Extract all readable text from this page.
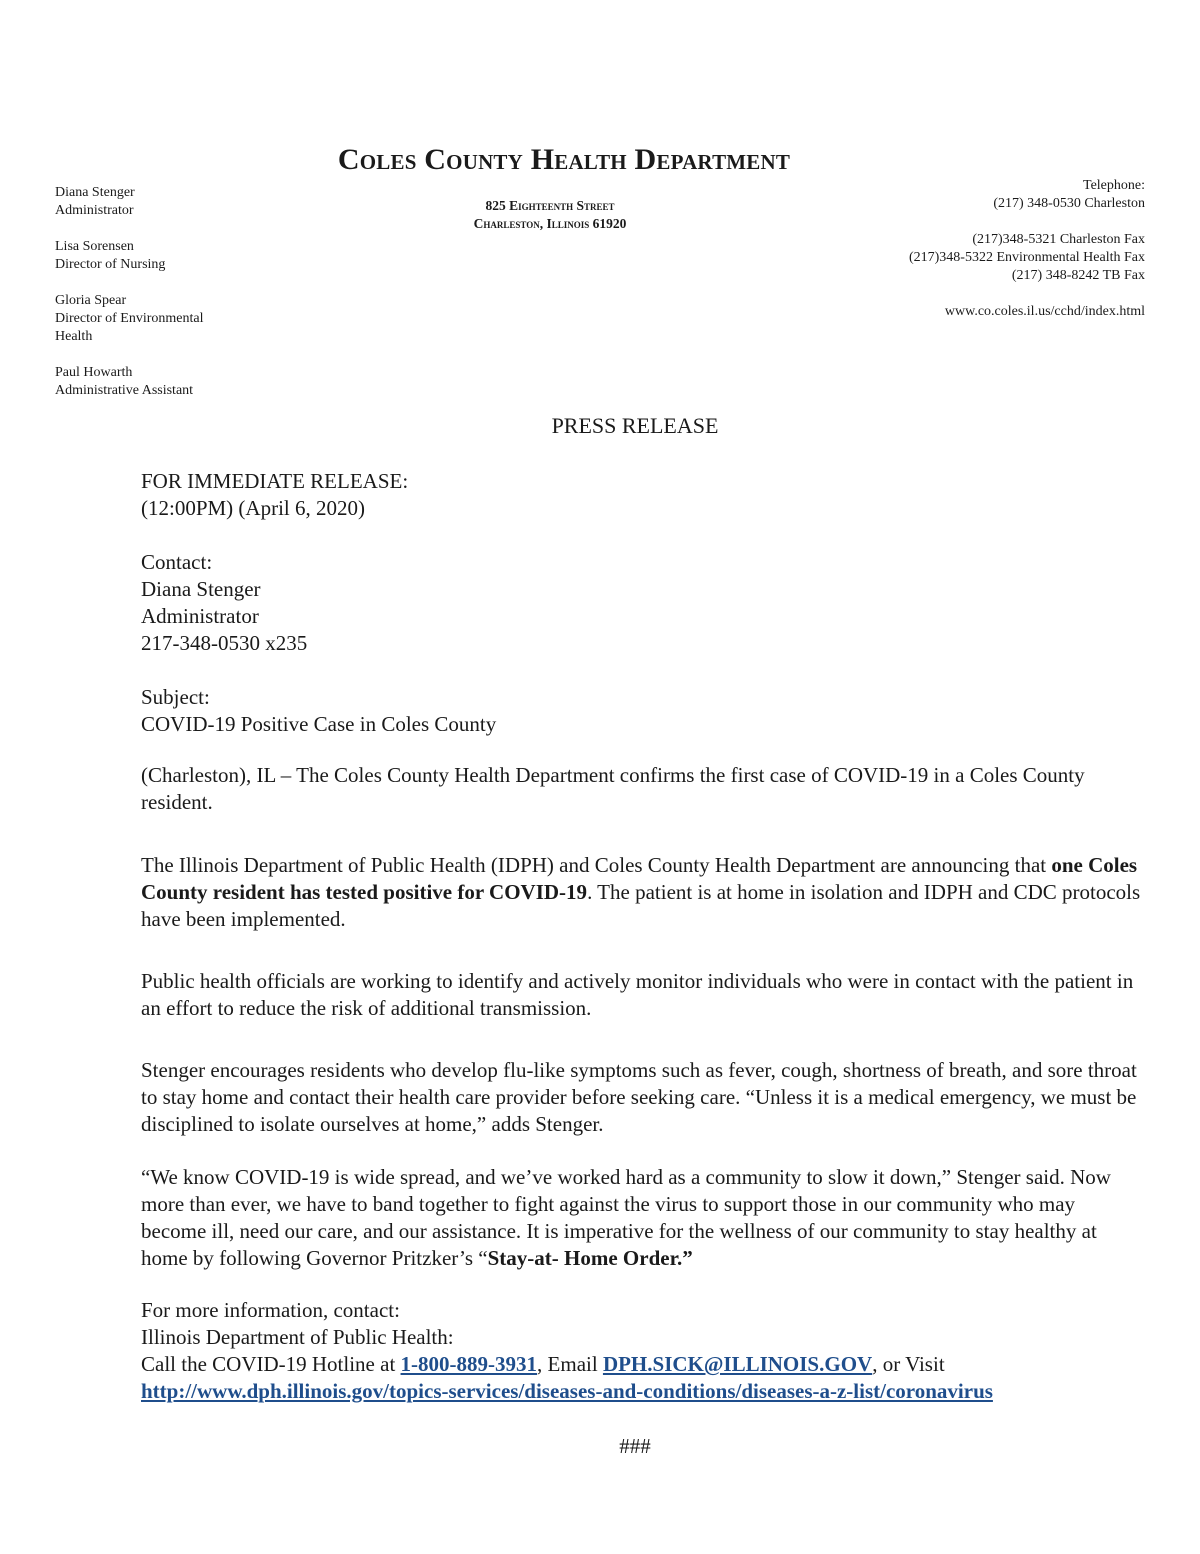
Coles County Health Department
825 Eighteenth Street
Charleston, Illinois 61920
Diana Stenger
Administrator
Lisa Sorensen
Director of Nursing
Gloria Spear
Director of Environmental
Health
Paul Howarth
Administrative Assistant
Telephone:
(217) 348-0530 Charleston
(217)348-5321 Charleston Fax
(217)348-5322 Environmental Health Fax
(217) 348-8242 TB Fax
www.co.coles.il.us/cchd/index.html
PRESS RELEASE

FOR IMMEDIATE RELEASE:

(12:00PM) (April 6, 2020)

Contact:

Diana Stenger

Administrator

217-348-0530 x235

Subject:

COVID-19 Positive Case in Coles County

(Charleston), IL – The Coles County Health Department confirms the first case of COVID-19 in a Coles County resident.

The Illinois Department of Public Health (IDPH) and Coles County Health Department are announcing that one Coles County resident has tested positive for COVID-19. The patient is at home in isolation and IDPH and CDC protocols have been implemented.

Public health officials are working to identify and actively monitor individuals who were in contact with the patient in an effort to reduce the risk of additional transmission.

Stenger encourages residents who develop flu-like symptoms such as fever, cough, shortness of breath, and sore throat to stay home and contact their health care provider before seeking care. “Unless it is a medical emergency, we must be disciplined to isolate ourselves at home,” adds Stenger.

“We know COVID-19 is wide spread, and we’ve worked hard as a community to slow it down,” Stenger said. Now more than ever, we have to band together to fight against the virus to support those in our community who may become ill, need our care, and our assistance. It is imperative for the wellness of our community to stay healthy at home by following Governor Pritzker’s “Stay-at- Home Order.”

For more information, contact:

Illinois Department of Public Health:

Call the COVID-19 Hotline at 1-800-889-3931, Email DPH.SICK@ILLINOIS.GOV, or Visit

http://www.dph.illinois.gov/topics-services/diseases-and-conditions/diseases-a-z-list/coronavirus

###
